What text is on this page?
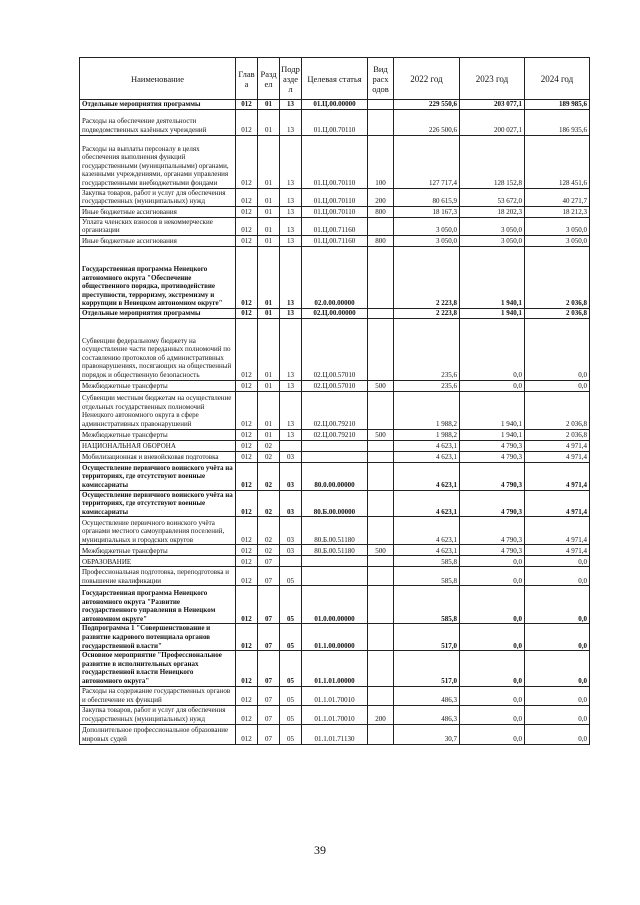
Наименование	Глав а	Разд ел	Подр азде л	Целевая статья	Вид расх одов	2022 год	2023 год	2024 год
Отдельные мероприятия программы	012	01	13	01.Ц.00.00000		229 550,6	203 077,1	189 985,6
Расходы на обеспечение деятельности подведомственных казённых учреждений	012	01	13	01.Ц.00.70110		226 500,6	200 027,1	186 935,6
Расходы на выплаты персоналу в целях обеспечения выполнения функций государственными (муниципальными) органами, казенными учреждениями, органами управления государственными внебюджетными фондами	012	01	13	01.Ц.00.70110	100	127 717,4	128 152,8	128 451,6
Закупка товаров, работ и услуг для обеспечения государственных (муниципальных) нужд	012	01	13	01.Ц.00.70110	200	80 615,9	53 672,0	40 271,7
Иные бюджетные ассигнования	012	01	13	01.Ц.00.70110	800	18 167,3	18 202,3	18 212,3
Уплата членских взносов в некоммерческие организации	012	01	13	01.Ц.00.71160		3 050,0	3 050,0	3 050,0
Иные бюджетные ассигнования	012	01	13	01.Ц.00.71160	800	3 050,0	3 050,0	3 050,0
Государственная программа Ненецкого автономного округа "Обеспечение общественного порядка, противодействие преступности, терроризму, экстремизму и коррупции в Ненецком автономном округе"	012	01	13	02.0.00.00000		2 223,8	1 940,1	2 036,8
Отдельные мероприятия программы	012	01	13	02.Ц.00.00000		2 223,8	1 940,1	2 036,8
Субвенции федеральному бюджету на осуществление части переданных полномочий по составлению протоколов об административных правонарушениях, посягающих на общественный порядок и общественную безопасность	012	01	13	02.Ц.00.57010		235,6	0,0	0,0
Межбюджетные трансферты	012	01	13	02.Ц.00.57010	500	235,6	0,0	0,0
Субвенции местным бюджетам на осуществление отдельных государственных полномочий Ненецкого автономного округа в сфере административных правонарушений	012	01	13	02.Ц.00.79210		1 988,2	1 940,1	2 036,8
Межбюджетные трансферты	012	01	13	02.Ц.00.79210	500	1 988,2	1 940,1	2 036,8
НАЦИОНАЛЬНАЯ ОБОРОНА	012	02				4 623,1	4 790,3	4 971,4
Мобилизационная и вневойсковая подготовка	012	02	03			4 623,1	4 790,3	4 971,4
Осуществление первичного воинского учёта на территориях, где отсутствуют военные комиссариаты	012	02	03	80.0.00.00000		4 623,1	4 790,3	4 971,4
Осуществление первичного воинского учёта на территориях, где отсутствуют военные комиссариаты	012	02	03	80.Б.00.00000		4 623,1	4 790,3	4 971,4
Осуществление первичного воинского учёта органами местного самоуправления поселений, муниципальных и городских округов	012	02	03	80.Б.00.51180		4 623,1	4 790,3	4 971,4
Межбюджетные трансферты	012	02	03	80.Б.00.51180	500	4 623,1	4 790,3	4 971,4
ОБРАЗОВАНИЕ	012	07				585,8	0,0	0,0
Профессиональная подготовка, переподготовка и повышение квалификации	012	07	05			585,8	0,0	0,0
Государственная программа Ненецкого автономного округа "Развитие государственного управления в Ненецком автономном округе"	012	07	05	01.0.00.00000		585,8	0,0	0,0
Подпрограмма 1 "Совершенствование и развитие кадрового потенциала органов государственной власти"	012	07	05	01.1.00.00000		517,0	0,0	0,0
Основное мероприятие "Профессиональное развитие в исполнительных органах государственной власти Ненецкого автономного округа"	012	07	05	01.1.01.00000		517,0	0,0	0,0
Расходы на содержание государственных органов и обеспечение их функций	012	07	05	01.1.01.70010		486,3	0,0	0,0
Закупка товаров, работ и услуг для обеспечения государственных (муниципальных) нужд	012	07	05	01.1.01.70010	200	486,3	0,0	0,0
Дополнительное профессиональное образование мировых судей	012	07	05	01.1.01.71130		30,7	0,0	0,0
39
